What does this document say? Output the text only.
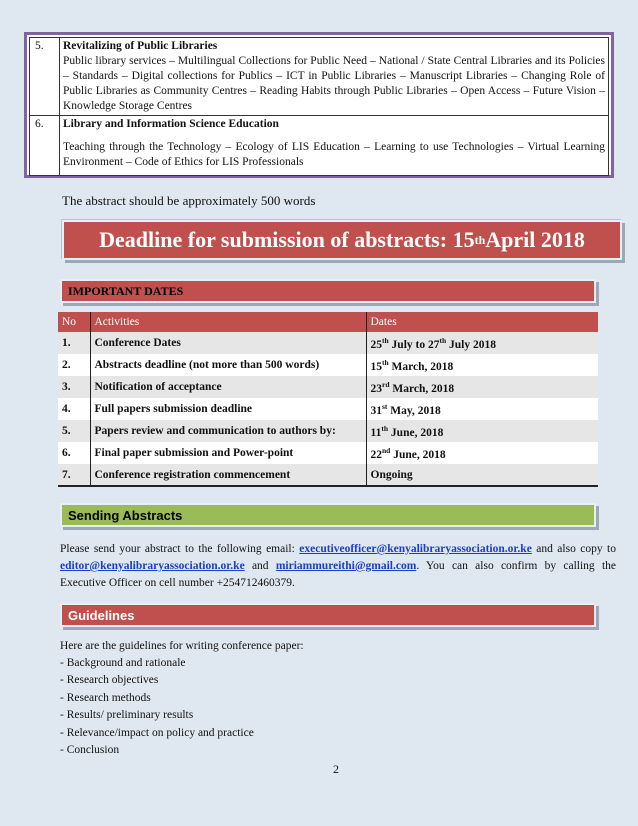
5.	Revitalizing of Public Libraries
Public library services – Multilingual Collections for Public Need – National / State Central Libraries and its Policies – Standards – Digital collections for Publics – ICT in Public Libraries – Manuscript Libraries – Changing Role of Public Libraries as Community Centres – Reading Habits through Public Libraries – Open Access – Future Vision – Knowledge Storage Centres

6.	Library and Information Science Education
Teaching through the Technology – Ecology of LIS Education – Learning to use Technologies – Virtual Learning Environment – Code of Ethics for LIS Professionals
The abstract should be approximately 500 words
Deadline for submission of abstracts: 15 th April 2018
IMPORTANT DATES
No	Activities	Dates
1.	Conference Dates	25th July to 27th July 2018
2.	Abstracts deadline (not more than 500 words)	15th March, 2018
3.	Notification of acceptance	23rd March, 2018
4.	Full papers submission deadline	31st May, 2018
5.	Papers review and communication to authors by:	11th June, 2018
6.	Final paper submission and Power-point	22nd June, 2018
7.	Conference registration commencement	Ongoing
Sending Abstracts

Please send your abstract to the following email: executiveofficer@kenyalibraryassociation.or.ke and also copy to editor@kenyalibraryassociation.or.ke and miriammureithi@gmail.com. You can also confirm by calling the Executive Officer on cell number +254712460379.

Guidelines

Here are the guidelines for writing conference paper:

- Background and rationale
- Research objectives
- Research methods
- Results/ preliminary results
- Relevance/impact on policy and practice
- Conclusion
2
